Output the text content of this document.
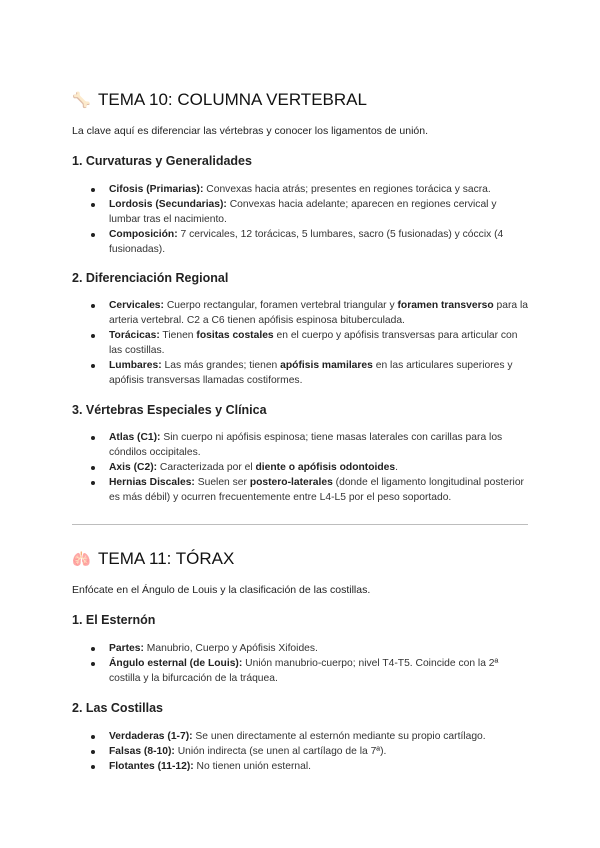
🦴 TEMA 10: COLUMNA VERTEBRAL
La clave aquí es diferenciar las vértebras y conocer los ligamentos de unión.
1. Curvaturas y Generalidades
Cifosis (Primarias): Convexas hacia atrás; presentes en regiones torácica y sacra.
Lordosis (Secundarias): Convexas hacia adelante; aparecen en regiones cervical y lumbar tras el nacimiento.
Composición: 7 cervicales, 12 torácicas, 5 lumbares, sacro (5 fusionadas) y cóccix (4 fusionadas).
2. Diferenciación Regional
Cervicales: Cuerpo rectangular, foramen vertebral triangular y foramen transverso para la arteria vertebral. C2 a C6 tienen apófisis espinosa bituberculada.
Torácicas: Tienen fositas costales en el cuerpo y apófisis transversas para articular con las costillas.
Lumbares: Las más grandes; tienen apófisis mamilares en las articulares superiores y apófisis transversas llamadas costiformes.
3. Vértebras Especiales y Clínica
Atlas (C1): Sin cuerpo ni apófisis espinosa; tiene masas laterales con carillas para los cóndilos occipitales.
Axis (C2): Caracterizada por el diente o apófisis odontoides.
Hernias Discales: Suelen ser postero-laterales (donde el ligamento longitudinal posterior es más débil) y ocurren frecuentemente entre L4-L5 por el peso soportado.
🫁 TEMA 11: TÓRAX
Enfócate en el Ángulo de Louis y la clasificación de las costillas.
1. El Esternón
Partes: Manubrio, Cuerpo y Apófisis Xifoides.
Ángulo esternal (de Louis): Unión manubrio-cuerpo; nivel T4-T5. Coincide con la 2ª costilla y la bifurcación de la tráquea.
2. Las Costillas
Verdaderas (1-7): Se unen directamente al esternón mediante su propio cartílago.
Falsas (8-10): Unión indirecta (se unen al cartílago de la 7ª).
Flotantes (11-12): No tienen unión esternal.
